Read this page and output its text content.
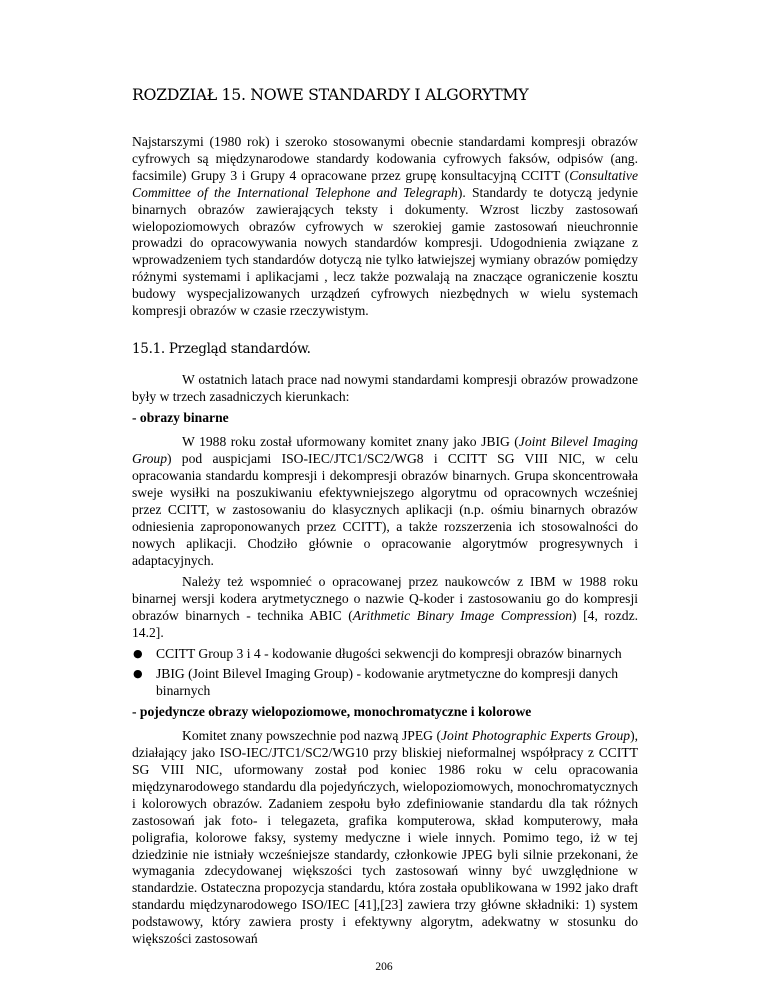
ROZDZIAŁ 15. NOWE STANDARDY I ALGORYTMY

Najstarszymi (1980 rok) i szeroko stosowanymi obecnie standardami kompresji obrazów cyfrowych są międzynarodowe standardy kodowania cyfrowych faksów, odpisów (ang. facsimile) Grupy 3 i Grupy 4 opracowane przez grupę konsultacyjną CCITT (Consultative Committee of the International Telephone and Telegraph). Standardy te dotyczą jedynie binarnych obrazów zawierających teksty i dokumenty. Wzrost liczby zastosowań wielopoziomowych obrazów cyfrowych w szerokiej gamie zastosowań nieuchronnie prowadzi do opracowywania nowych standardów kompresji. Udogodnienia związane z wprowadzeniem tych standardów dotyczą nie tylko łatwiejszej wymiany obrazów pomiędzy różnymi systemami i aplikacjami , lecz także pozwalają na znaczące ograniczenie kosztu budowy wyspecjalizowanych urządzeń cyfrowych niezbędnych w wielu systemach kompresji obrazów w czasie rzeczywistym.

15.1. Przegląd standardów.

W ostatnich latach prace nad nowymi standardami kompresji obrazów prowadzone były w trzech zasadniczych kierunkach:

- obrazy binarne

W 1988 roku został uformowany komitet znany jako JBIG (Joint Bilevel Imaging Group) pod auspicjami ISO-IEC/JTC1/SC2/WG8 i CCITT SG VIII NIC, w celu opracowania standardu kompresji i dekompresji obrazów binarnych. Grupa skoncentrowała sweje wysiłki na poszukiwaniu efektywniejszego algorytmu od opracownych wcześniej przez CCITT, w zastosowaniu do klasycznych aplikacji (n.p. ośmiu binarnych obrazów odniesienia zaproponowanych przez CCITT), a także rozszerzenia ich stosowalności do nowych aplikacji. Chodziło głównie o opracowanie algorytmów progresywnych i adaptacyjnych.

Należy też wspomnieć o opracowanej przez naukowców z IBM w 1988 roku binarnej wersji kodera arytmetycznego o nazwie Q-koder i zastosowaniu go do kompresji obrazów binarnych - technika ABIC (Arithmetic Binary Image Compression) [4, rozdz. 14.2].

● CCITT Group 3 i 4 - kodowanie długości sekwencji do kompresji obrazów binarnych
● JBIG (Joint Bilevel Imaging Group) - kodowanie arytmetyczne do kompresji danych binarnych

- pojedyncze obrazy wielopoziomowe, monochromatyczne i kolorowe

Komitet znany powszechnie pod nazwą JPEG (Joint Photographic Experts Group), działający jako ISO-IEC/JTC1/SC2/WG10 przy bliskiej nieformalnej współpracy z CCITT SG VIII NIC, uformowany został pod koniec 1986 roku w celu opracowania międzynarodowego standardu dla pojedyńczych, wielopoziomowych, monochromatycznych i kolorowych obrazów. Zadaniem zespołu było zdefiniowanie standardu dla tak różnych zastosowań jak foto- i telegazeta, grafika komputerowa, skład komputerowy, mała poligrafia, kolorowe faksy, systemy medyczne i wiele innych. Pomimo tego, iż w tej dziedzinie nie istniały wcześniejsze standardy, członkowie JPEG byli silnie przekonani, że wymagania zdecydowanej większości tych zastosowań winny być uwzględnione w standardzie. Ostateczna propozycja standardu, która została opublikowana w 1992 jako draft standardu międzynarodowego ISO/IEC [41],[23] zawiera trzy główne składniki: 1) system podstawowy, który zawiera prosty i efektywny algorytm, adekwatny w stosunku do większości zastosowań

206
